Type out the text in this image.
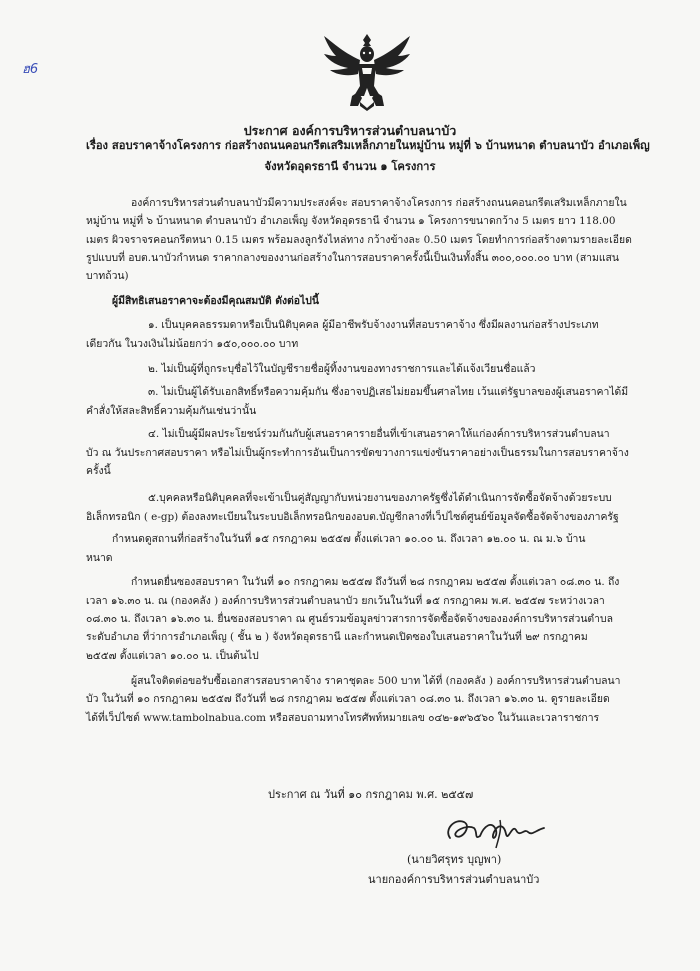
ฮ6
ประกาศ องค์การบริหารส่วนตำบลนาบัว
เรื่อง สอบราคาจ้างโครงการ ก่อสร้างถนนคอนกรีตเสริมเหล็กภายในหมู่บ้าน หมู่ที่ ๖ บ้านหนาด ตำบลนาบัว อำเภอเพ็ญ
จังหวัดอุดรธานี จำนวน ๑ โครงการ
องค์การบริหารส่วนตำบลนาบัวมีความประสงค์จะ สอบราคาจ้างโครงการ ก่อสร้างถนนคอนกรีตเสริมเหล็กภายใน
หมู่บ้าน หมู่ที่ ๖ บ้านหนาด ตำบลนาบัว อำเภอเพ็ญ จังหวัดอุดรธานี จำนวน ๑ โครงการขนาดกว้าง 5 เมตร ยาว 118.00
เมตร ผิวจราจรคอนกรีตหนา 0.15 เมตร พร้อมลงลูกรังไหล่ทาง กว้างข้างละ 0.50 เมตร โดยทำการก่อสร้างตามรายละเอียด
รูปแบบที่ อบต.นาบัวกำหนด ราคากลางของงานก่อสร้างในการสอบราคาครั้งนี้เป็นเงินทั้งสิ้น ๓๐๐,๐๐๐.๐๐ บาท (สามแสน
บาทถ้วน)
ผู้มีสิทธิเสนอราคาจะต้องมีคุณสมบัติ ดังต่อไปนี้
๑. เป็นบุคคลธรรมดาหรือเป็นนิติบุคคล ผู้มีอาชีพรับจ้างงานที่สอบราคาจ้าง ซึ่งมีผลงานก่อสร้างประเภท
เดียวกัน ในวงเงินไม่น้อยกว่า ๑๕๐,๐๐๐.๐๐ บาท
๒. ไม่เป็นผู้ที่ถูกระบุชื่อไว้ในบัญชีรายชื่อผู้ทิ้งงานของทางราชการและได้แจ้งเวียนชื่อแล้ว
๓. ไม่เป็นผู้ได้รับเอกสิทธิ์หรือความคุ้มกัน ซึ่งอาจปฏิเสธไม่ยอมขึ้นศาลไทย เว้นแต่รัฐบาลของผู้เสนอราคาได้มี
คำสั่งให้สละสิทธิ์ความคุ้มกันเช่นว่านั้น
๔. ไม่เป็นผู้มีผลประโยชน์ร่วมกันกับผู้เสนอราคารายอื่นที่เข้าเสนอราคาให้แก่องค์การบริหารส่วนตำบลนา
บัว ณ วันประกาศสอบราคา หรือไม่เป็นผู้กระทำการอันเป็นการขัดขวางการแข่งขันราคาอย่างเป็นธรรมในการสอบราคาจ้าง
ครั้งนี้
๕.บุคคลหรือนิติบุคคลที่จะเข้าเป็นคู่สัญญากับหน่วยงานของภาครัฐซึ่งได้ดำเนินการจัดซื้อจัดจ้างด้วยระบบ
อิเล็กทรอนิก ( e-gp) ต้องลงทะเบียนในระบบอิเล็กทรอนิกของอบต.บัญชีกลางที่เว็ปไซต์ศูนย์ข้อมูลจัดซื้อจัดจ้างของภาครัฐ
กำหนดดูสถานที่ก่อสร้างในวันที่ ๑๕ กรกฎาคม ๒๕๕๗ ตั้งแต่เวลา ๑๐.๐๐ น. ถึงเวลา ๑๒.๐๐ น. ณ ม.๖ บ้าน
หนาด
กำหนดยื่นซองสอบราคา ในวันที่ ๑๐ กรกฎาคม ๒๕๕๗ ถึงวันที่ ๒๘ กรกฎาคม ๒๕๕๗ ตั้งแต่เวลา ๐๘.๓๐ น. ถึง
เวลา ๑๖.๓๐ น. ณ (กองคลัง ) องค์การบริหารส่วนตำบลนาบัว ยกเว้นในวันที่ ๑๕ กรกฎาคม พ.ศ. ๒๕๕๗ ระหว่างเวลา
๐๘.๓๐ น. ถึงเวลา ๑๖.๓๐ น. ยื่นซองสอบราคา ณ ศูนย์รวมข้อมูลข่าวสารการจัดซื้อจัดจ้างขององค์การบริหารส่วนตำบล
ระดับอำเภอ ที่ว่าการอำเภอเพ็ญ ( ชั้น ๒ ) จังหวัดอุดรธานี และกำหนดเปิดซองใบเสนอราคาในวันที่ ๒๙ กรกฎาคม
๒๕๕๗ ตั้งแต่เวลา ๑๐.๐๐ น. เป็นต้นไป
ผู้สนใจติดต่อขอรับซื้อเอกสารสอบราคาจ้าง ราคาชุดละ 500 บาท ได้ที่ (กองคลัง ) องค์การบริหารส่วนตำบลนา
บัว ในวันที่ ๑๐ กรกฎาคม ๒๕๕๗ ถึงวันที่ ๒๘ กรกฎาคม ๒๕๕๗ ตั้งแต่เวลา ๐๘.๓๐ น. ถึงเวลา ๑๖.๓๐ น. ดูรายละเอียด
ได้ที่เว็ปไซต์ www.tambolnabua.com หรือสอบถามทางโทรศัพท์หมายเลข ๐๔๒-๑๙๖๕๖๐ ในวันและเวลาราชการ
ประกาศ ณ วันที่ ๑๐ กรกฎาคม พ.ศ. ๒๕๕๗
(นายวิศรุทร บุญพา)
นายกองค์การบริหารส่วนตำบลนาบัว
